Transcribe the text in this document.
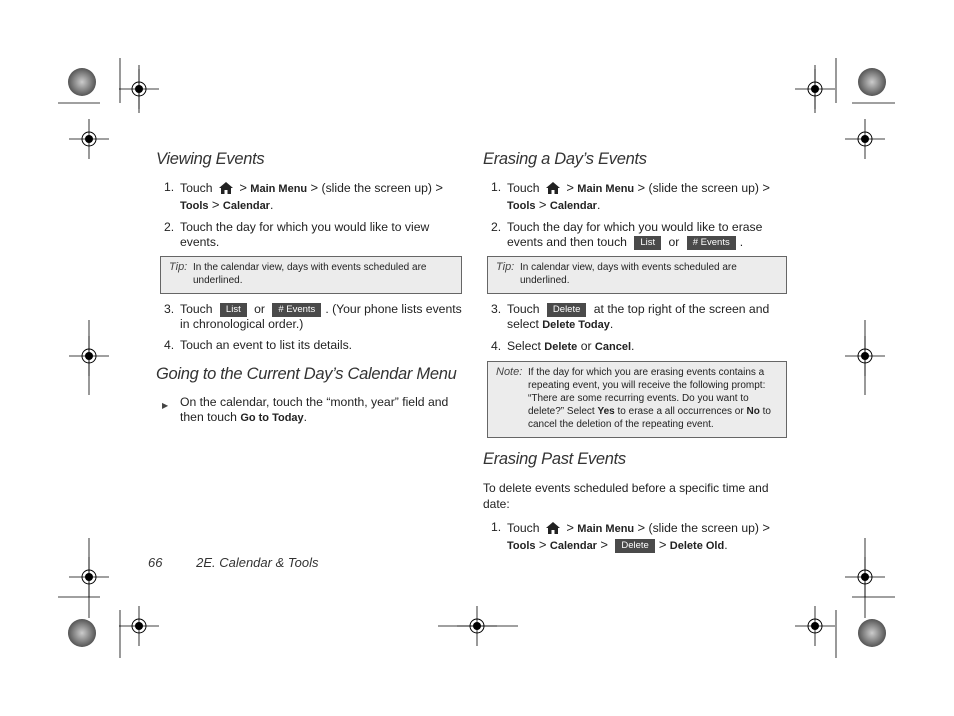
Viewing Events
1. Touch > Main Menu > (slide the screen up) > Tools > Calendar.
2. Touch the day for which you would like to view events.
Tip: In the calendar view, days with events scheduled are underlined.
3. Touch List or # Events . (Your phone lists events in chronological order.)
4. Touch an event to list its details.
Going to the Current Day’s Calendar Menu
▶ On the calendar, touch the “month, year” field and then touch Go to Today.
Erasing a Day’s Events
1. Touch > Main Menu > (slide the screen up) > Tools > Calendar.
2. Touch the day for which you would like to erase events and then touch List or # Events .
Tip: In calendar view, days with events scheduled are underlined.
3. Touch Delete at the top right of the screen and select Delete Today.
4. Select Delete or Cancel.
Note: If the day for which you are erasing events contains a repeating event, you will receive the following prompt: “There are some recurring events. Do you want to delete?” Select Yes to erase a all occurrences or No to cancel the deletion of the repeating event.
Erasing Past Events

To delete events scheduled before a specific time and date:

1. Touch > Main Menu > (slide the screen up) > Tools > Calendar > Delete > Delete Old.
66	2E. Calendar & Tools
